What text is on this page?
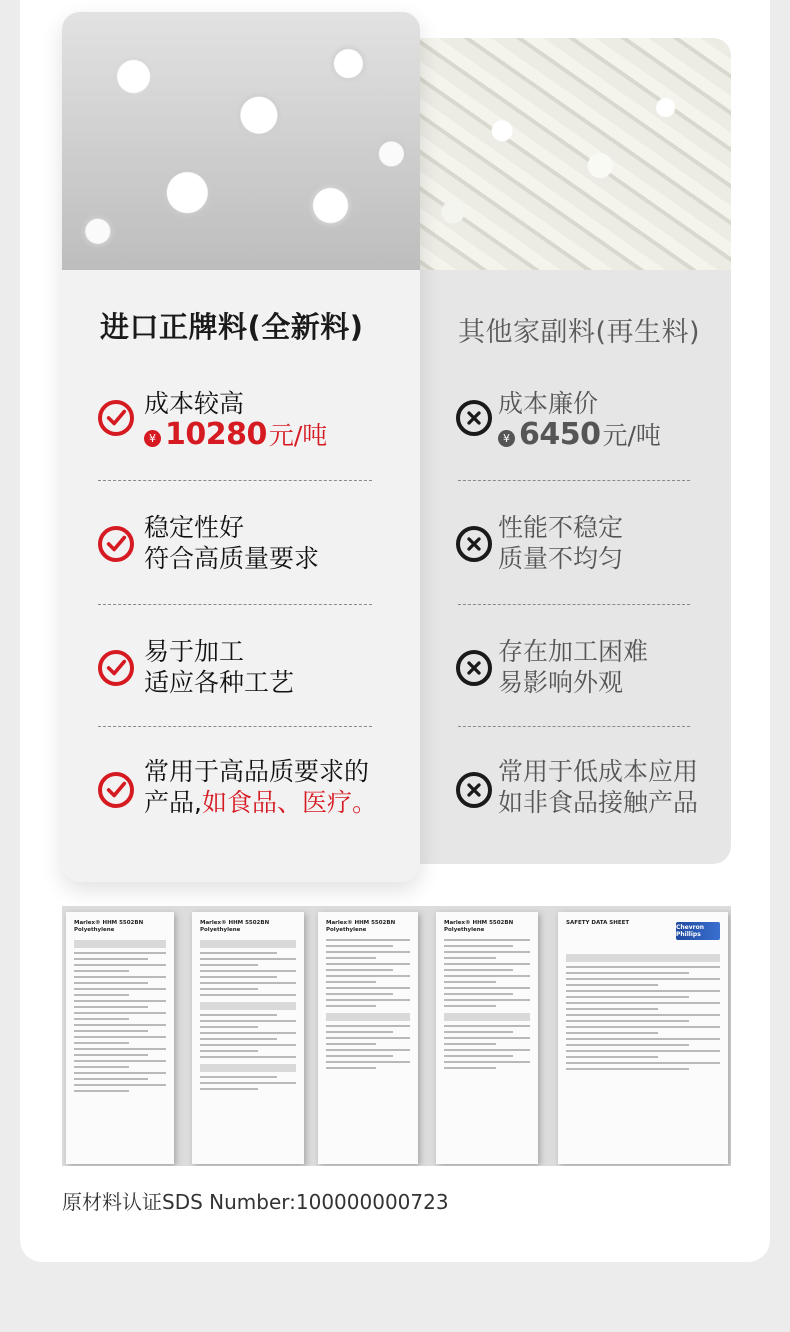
进口正牌料(全新料)	其他家副料(再生料)
成本较高
¥ 10280 元/吨
稳定性好
符合高质量要求
易于加工
适应各种工艺
常用于高品质要求的
产品,如食品、医疗。
成本廉价
¥ 6450 元/吨
性能不稳定
质量不均匀
存在加工困难
易影响外观
常用于低成本应用
如非食品接触产品
Marlex® HHM 5502BN Polyethylene
Marlex® HHM 5502BN Polyethylene
Marlex® HHM 5502BN Polyethylene
Marlex® HHM 5502BN Polyethylene
SAFETY DATA SHEET
Chevron Phillips
原材料认证SDS Number:100000000723
